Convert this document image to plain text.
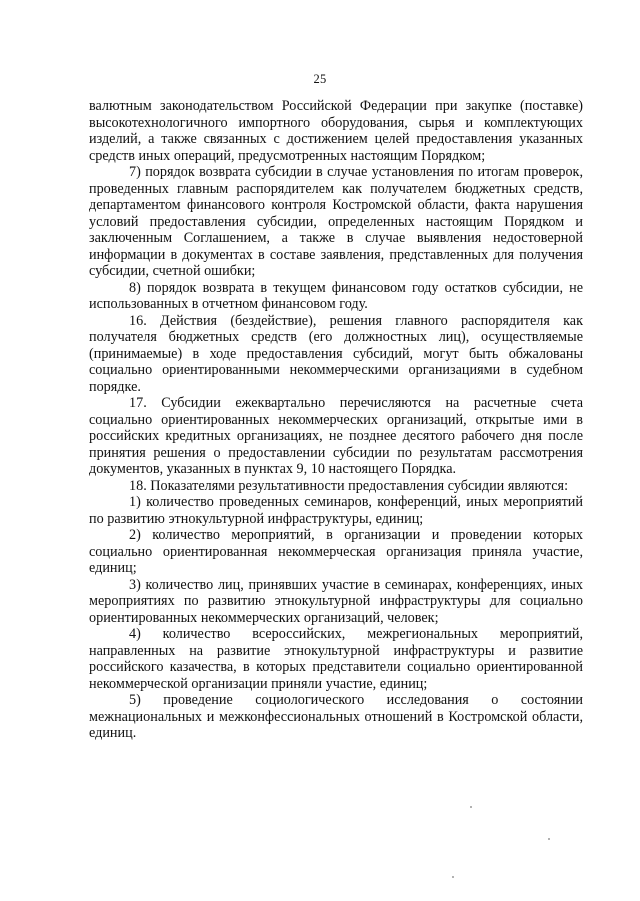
25

валютным законодательством Российской Федерации при закупке (поставке) высокотехнологичного импортного оборудования, сырья и комплектующих изделий, а также связанных с достижением целей предоставления указанных средств иных операций, предусмотренных настоящим Порядком;

7) порядок возврата субсидии в случае установления по итогам проверок, проведенных главным распорядителем как получателем бюджетных средств, департаментом финансового контроля Костромской области, факта нарушения условий предоставления субсидии, определенных настоящим Порядком и заключенным Соглашением, а также в случае выявления недостоверной информации в документах в составе заявления, представленных для получения субсидии, счетной ошибки;

8) порядок возврата в текущем финансовом году остатков субсидии, не использованных в отчетном финансовом году.

16. Действия (бездействие), решения главного распорядителя как получателя бюджетных средств (его должностных лиц), осуществляемые (принимаемые) в ходе предоставления субсидий, могут быть обжалованы социально ориентированными некоммерческими организациями в судебном порядке.

17. Субсидии ежеквартально перечисляются на расчетные счета социально ориентированных некоммерческих организаций, открытые ими в российских кредитных организациях, не позднее десятого рабочего дня после принятия решения о предоставлении субсидии по результатам рассмотрения документов, указанных в пунктах 9, 10 настоящего Порядка.

18. Показателями результативности предоставления субсидии являются:

1) количество проведенных семинаров, конференций, иных мероприятий по развитию этнокультурной инфраструктуры, единиц;

2) количество мероприятий, в организации и проведении которых социально ориентированная некоммерческая организация приняла участие, единиц;

3) количество лиц, принявших участие в семинарах, конференциях, иных мероприятиях по развитию этнокультурной инфраструктуры для социально ориентированных некоммерческих организаций, человек;

4) количество всероссийских, межрегиональных мероприятий, направленных на развитие этнокультурной инфраструктуры и развитие российского казачества, в которых представители социально ориентированной некоммерческой организации приняли участие, единиц;

5) проведение социологического исследования о состоянии межнациональных и межконфессиональных отношений в Костромской области, единиц.
